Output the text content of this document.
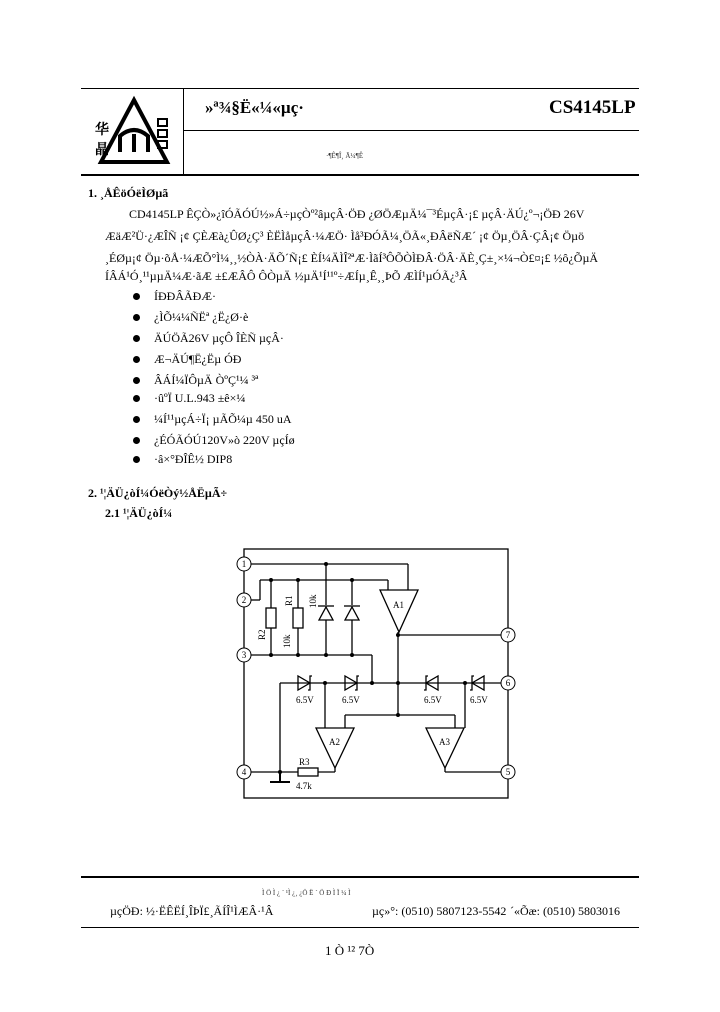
华
晶
»ª¾§Ë«¼«µç·	CS4145LP
·¶Ê¶Î¸ Ã¼¶Ê
1. ¸ÅÊöÓëÌØµã
CD4145LP ÊÇÒ»¿îÓÃÓÚ½»Á÷µçÒº²âµçÂ·ÖÐ ¿ØÖÆµÄ¼¯³ÉµçÂ·¡£ µçÂ·ÄÚ¿º¬¡ÖÐ 26V
ÆäÆ²Ü·¿ÆÎÑ ¡¢ ÇÈÆà¿ÛØ¿Ç³ ÈËÌåµçÂ·¼ÆÖ· Ìå³ÐÓÃ¼¸ÖÃ«¸ÐÂëÑÆ´ ¡¢ Öµ¸ÖÂ·ÇÂ¡¢ Öµö
¸ÉØµ¡¢ Öµ·õÅ·¼ÆÕ°Ì¼¸¸½ÒÀ·ÄÕ´Ñ¡£ ÈÍ¼ÄÌÎ²ªÆ·ÌãÍ³ÔÕÒÌÐÂ·ÖÂ·ÄÈ¸Ç±¸×¼¬Ò£¤¡£ ½ô¿ÕµÄ
ÍÂÁ¹Ó¸¹¹µµÄ¼Æ·ãÆ ±£ÆÂÔ ÔÒµÄ ½µÄ¹Í¹¹º÷ÆÍµ¸Ê¸¸ÞÕ ÆÌÍ¹µÓÃ¿³Â
ÍÐÐÂÃÐÆ·
¿ÌÕ¼¼ÑËª ¿Ë¿Ø·è
ÄÚÖÃ26V µçÔ ÎÈÑ µçÂ·
Æ¬ÄÚ¶Ë¿Ëµ ÓÐ
ÂÁÍ¼ÏÔµÄ ÒºÇ¹¼ ³ª
·ûºÏ U.L.943 ±ê×¼
¼Í¹¹µçÁ÷Ï¡ µÃÕ¼µ 450 uA
¿ÉÓÃÓÚ120V»ò 220V µçÍø
·â×°ÐÎÊ½ DIP8
2. ¹¦ÄÜ¿òÍ¼ÓëÒý½ÅËµÃ÷
2.1 ¹¦ÄÜ¿òÍ¼
1
2
3
4	5
6
7
R1 10k
R2 10k
R3
4.7k
6.5V	6.5V	6.5V	6.5V
A1
A2	A3
Ì Ö Ì ¿ ´ ¹Ì ¿¸ ¿Ö Ë ´ Ö Ð Ì Ï ¼ Ì
µçÖÐ: ½·ËÊËÍ¸ÎÞÏ£¸ÃÍÎ¹ÌÆÂ·¹Â	µç»°: (0510) 5807123-5542 ´«Õæ: (0510) 5803016
1 Ò ¹² 7Ò
